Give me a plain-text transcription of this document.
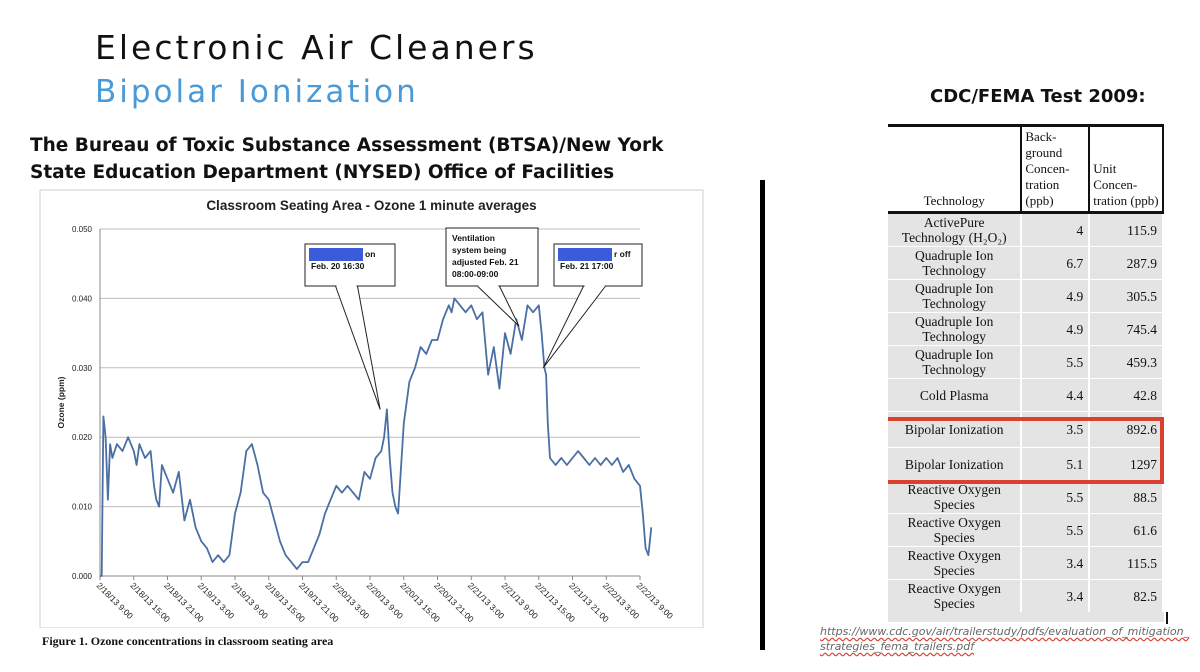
Electronic Air Cleaners
Bipolar Ionization
The Bureau of Toxic Substance Assessment (BTSA)/New York State Education Department (NYSED) Office of Facilities
0.000
0.010
0.020
0.030
0.040
0.050
Ozone (ppm)
2/18/13 9:00
2/18/13 15:00
2/18/13 21:00
2/19/13 3:00
2/19/13 9:00
2/19/13 15:00
2/19/13 21:00
2/20/13 3:00
2/20/13 9:00
2/20/13 15:00
2/20/13 21:00
2/21/13 3:00
2/21/13 9:00
2/21/13 15:00
2/21/13 21:00
2/22/13 3:00
2/22/13 9:00
on
Feb. 20 16:30
Ventilation
system being
adjusted Feb. 21
08:00-09:00
r off
Feb. 21 17:00
Classroom Seating Area - Ozone 1 minute averages
Figure 1. Ozone concentrations in classroom seating area
CDC/FEMA Test 2009:
Technology	Back-ground Concen-tration (ppb)	Unit Concen-tration (ppb)
ActivePure Technology (H₂O₂)	4	115.9
Quadruple Ion Technology	6.7	287.9
Quadruple Ion Technology	4.9	305.5
Quadruple Ion Technology	4.9	745.4
Quadruple Ion Technology	5.5	459.3
Cold Plasma	4.4	42.8
Bipolar Ionization	3.5	892.6
Bipolar Ionization	5.1	1297
Reactive Oxygen Species	5.5	88.5
Reactive Oxygen Species	5.5	61.6
Reactive Oxygen Species	3.4	115.5
Reactive Oxygen Species	3.4	82.5
https://www.cdc.gov/air/trailerstudy/pdfs/evaluation_of_mitigation_strategies_fema_trailers.pdf
